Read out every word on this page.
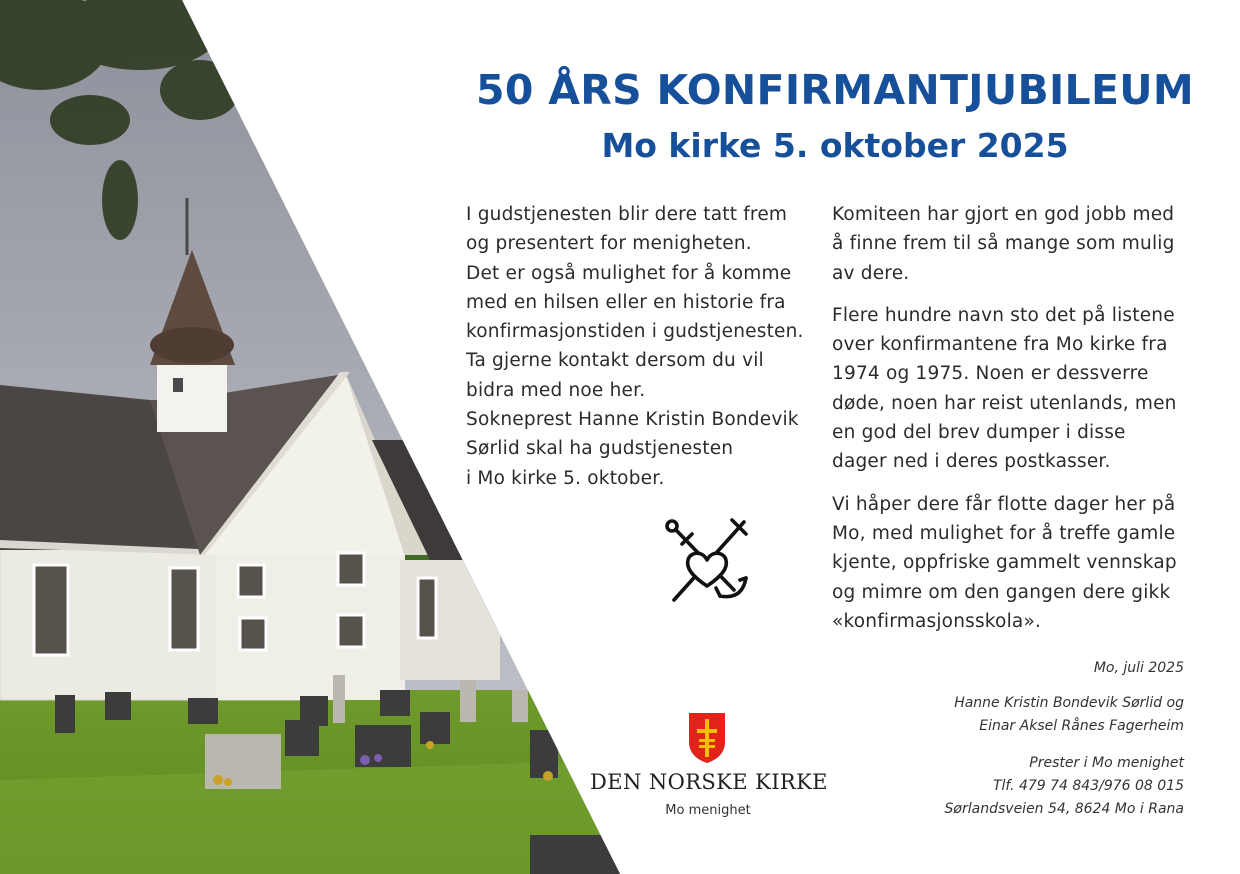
50 ÅRS KONFIRMANTJUBILEUM
Mo kirke 5. oktober 2025

I gudstjenesten blir dere tatt frem

og presentert for menigheten.

Det er også mulighet for å komme

med en hilsen eller en historie fra

konfirmasjonstiden i gudstjenesten.

Ta gjerne kontakt dersom du vil

bidra med noe her.

Sokneprest Hanne Kristin Bondevik

Sørlid skal ha gudstjenesten

i Mo kirke 5. oktober.

Komiteen har gjort en god jobb med

å finne frem til så mange som mulig

av dere.

Flere hundre navn sto det på listene

over konfirmantene fra Mo kirke fra

1974 og 1975. Noen er dessverre

døde, noen har reist utenlands, men

en god del brev dumper i disse

dager ned i deres postkasser.

Vi håper dere får flotte dager her på

Mo, med mulighet for å treffe gamle

kjente, oppfriske gammelt vennskap

og mimre om den gangen dere gikk

«konfirmasjonsskola».

DEN NORSKE KIRKE
Mo menighet

Mo, juli 2025

Hanne Kristin Bondevik Sørlid og

Einar Aksel Rånes Fagerheim

Prester i Mo menighet

Tlf. 479 74 843/976 08 015

Sørlandsveien 54, 8624 Mo i Rana
